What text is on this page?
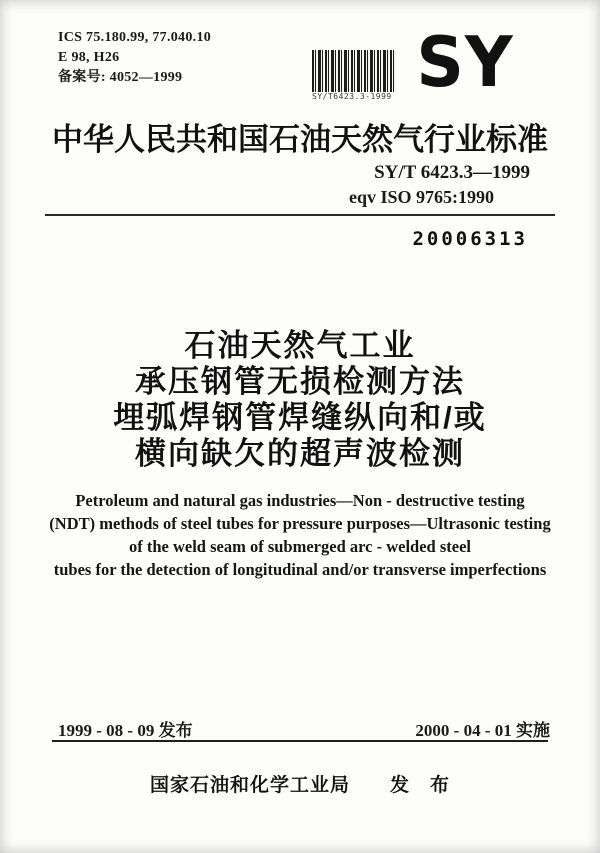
ICS 75.180.99, 77.040.10
E 98, H26
备案号: 4052—1999
SY/T6423.3-1999 SY
中华人民共和国石油天然气行业标准
SY/T 6423.3—1999
eqv ISO 9765:1990
20006313
石油天然气工业
承压钢管无损检测方法
埋弧焊钢管焊缝纵向和/或
横向缺欠的超声波检测
Petroleum and natural gas industries—Non - destructive testing
(NDT) methods of steel tubes for pressure purposes—Ultrasonic testing
of the weld seam of submerged arc - welded steel
tubes for the detection of longitudinal and/or transverse imperfections
1999 - 08 - 09 发布	2000 - 04 - 01 实施
国家石油和化学工业局　　发　布
